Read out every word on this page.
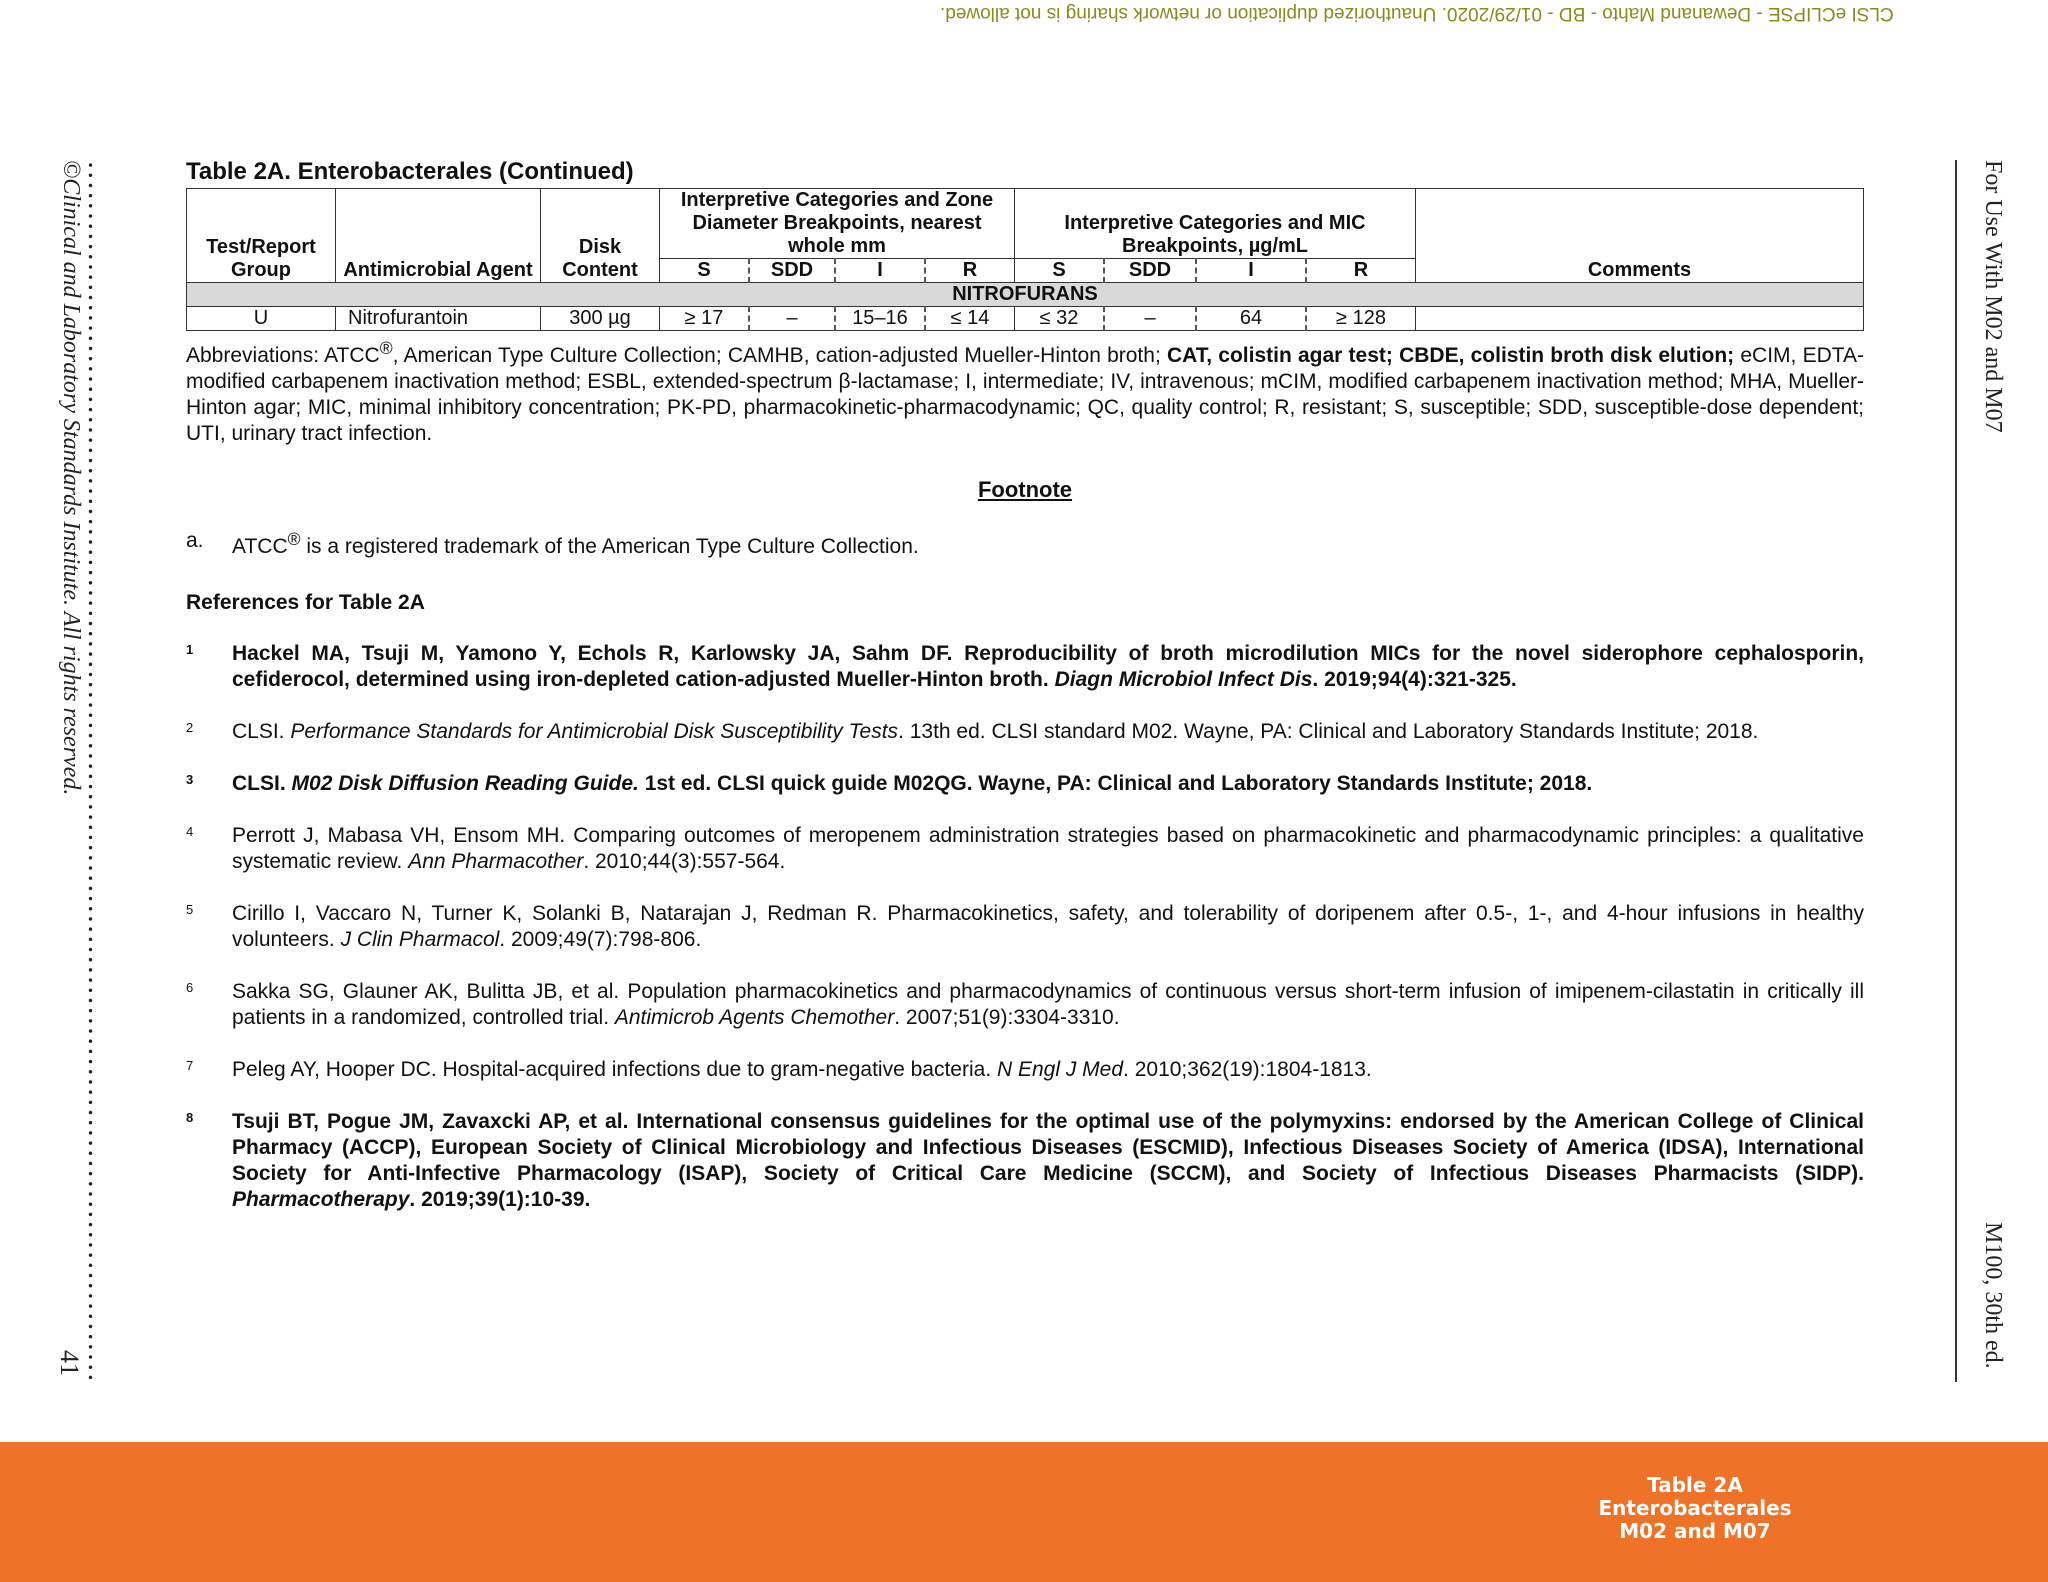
CLSI eCLIPSE - Dewanand Mahto - BD - 01/29/2020. Unauthorized duplication or network sharing is not allowed.
©Clinical and Laboratory Standards Institute. All rights reserved.
41
For Use With M02 and M07
M100, 30th ed.
Table 2A. Enterobacterales (Continued)
Test/Report Group	Antimicrobial Agent	Disk Content	Interpretive Categories and Zone Diameter Breakpoints, nearest whole mm				Interpretive Categories and MIC Breakpoints, µg/mL				Comments
			S	SDD	I	R	S	SDD	I	R	
NITROFURANS											
U	Nitrofurantoin	300 µg	≥ 17	–	15–16	≤ 14	≤ 32	–	64	≥ 128	

Abbreviations: ATCC®, American Type Culture Collection; CAMHB, cation-adjusted Mueller-Hinton broth; CAT, colistin agar test; CBDE, colistin broth disk elution; eCIM, EDTA-modified carbapenem inactivation method; ESBL, extended-spectrum β-lactamase; I, intermediate; IV, intravenous; mCIM, modified carbapenem inactivation method; MHA, Mueller-Hinton agar; MIC, minimal inhibitory concentration; PK-PD, pharmacokinetic-pharmacodynamic; QC, quality control; R, resistant; S, susceptible; SDD, susceptible-dose dependent; UTI, urinary tract infection.

Footnote
a.	ATCC® is a registered trademark of the American Type Culture Collection.
References for Table 2A
1	Hackel MA, Tsuji M, Yamono Y, Echols R, Karlowsky JA, Sahm DF. Reproducibility of broth microdilution MICs for the novel siderophore cephalosporin, cefiderocol, determined using iron-depleted cation-adjusted Mueller-Hinton broth. Diagn Microbiol Infect Dis. 2019;94(4):321-325.
2	CLSI. Performance Standards for Antimicrobial Disk Susceptibility Tests. 13th ed. CLSI standard M02. Wayne, PA: Clinical and Laboratory Standards Institute; 2018.
3	CLSI. M02 Disk Diffusion Reading Guide. 1st ed. CLSI quick guide M02QG. Wayne, PA: Clinical and Laboratory Standards Institute; 2018.
4	Perrott J, Mabasa VH, Ensom MH. Comparing outcomes of meropenem administration strategies based on pharmacokinetic and pharmacodynamic principles: a qualitative systematic review. Ann Pharmacother. 2010;44(3):557-564.
5	Cirillo I, Vaccaro N, Turner K, Solanki B, Natarajan J, Redman R. Pharmacokinetics, safety, and tolerability of doripenem after 0.5-, 1-, and 4-hour infusions in healthy volunteers. J Clin Pharmacol. 2009;49(7):798-806.
6	Sakka SG, Glauner AK, Bulitta JB, et al. Population pharmacokinetics and pharmacodynamics of continuous versus short-term infusion of imipenem-cilastatin in critically ill patients in a randomized, controlled trial. Antimicrob Agents Chemother. 2007;51(9):3304-3310.
7	Peleg AY, Hooper DC. Hospital-acquired infections due to gram-negative bacteria. N Engl J Med. 2010;362(19):1804-1813.
8	Tsuji BT, Pogue JM, Zavaxcki AP, et al. International consensus guidelines for the optimal use of the polymyxins: endorsed by the American College of Clinical Pharmacy (ACCP), European Society of Clinical Microbiology and Infectious Diseases (ESCMID), Infectious Diseases Society of America (IDSA), International Society for Anti-Infective Pharmacology (ISAP), Society of Critical Care Medicine (SCCM), and Society of Infectious Diseases Pharmacists (SIDP). Pharmacotherapy. 2019;39(1):10-39.
Table 2A
Enterobacterales
M02 and M07
